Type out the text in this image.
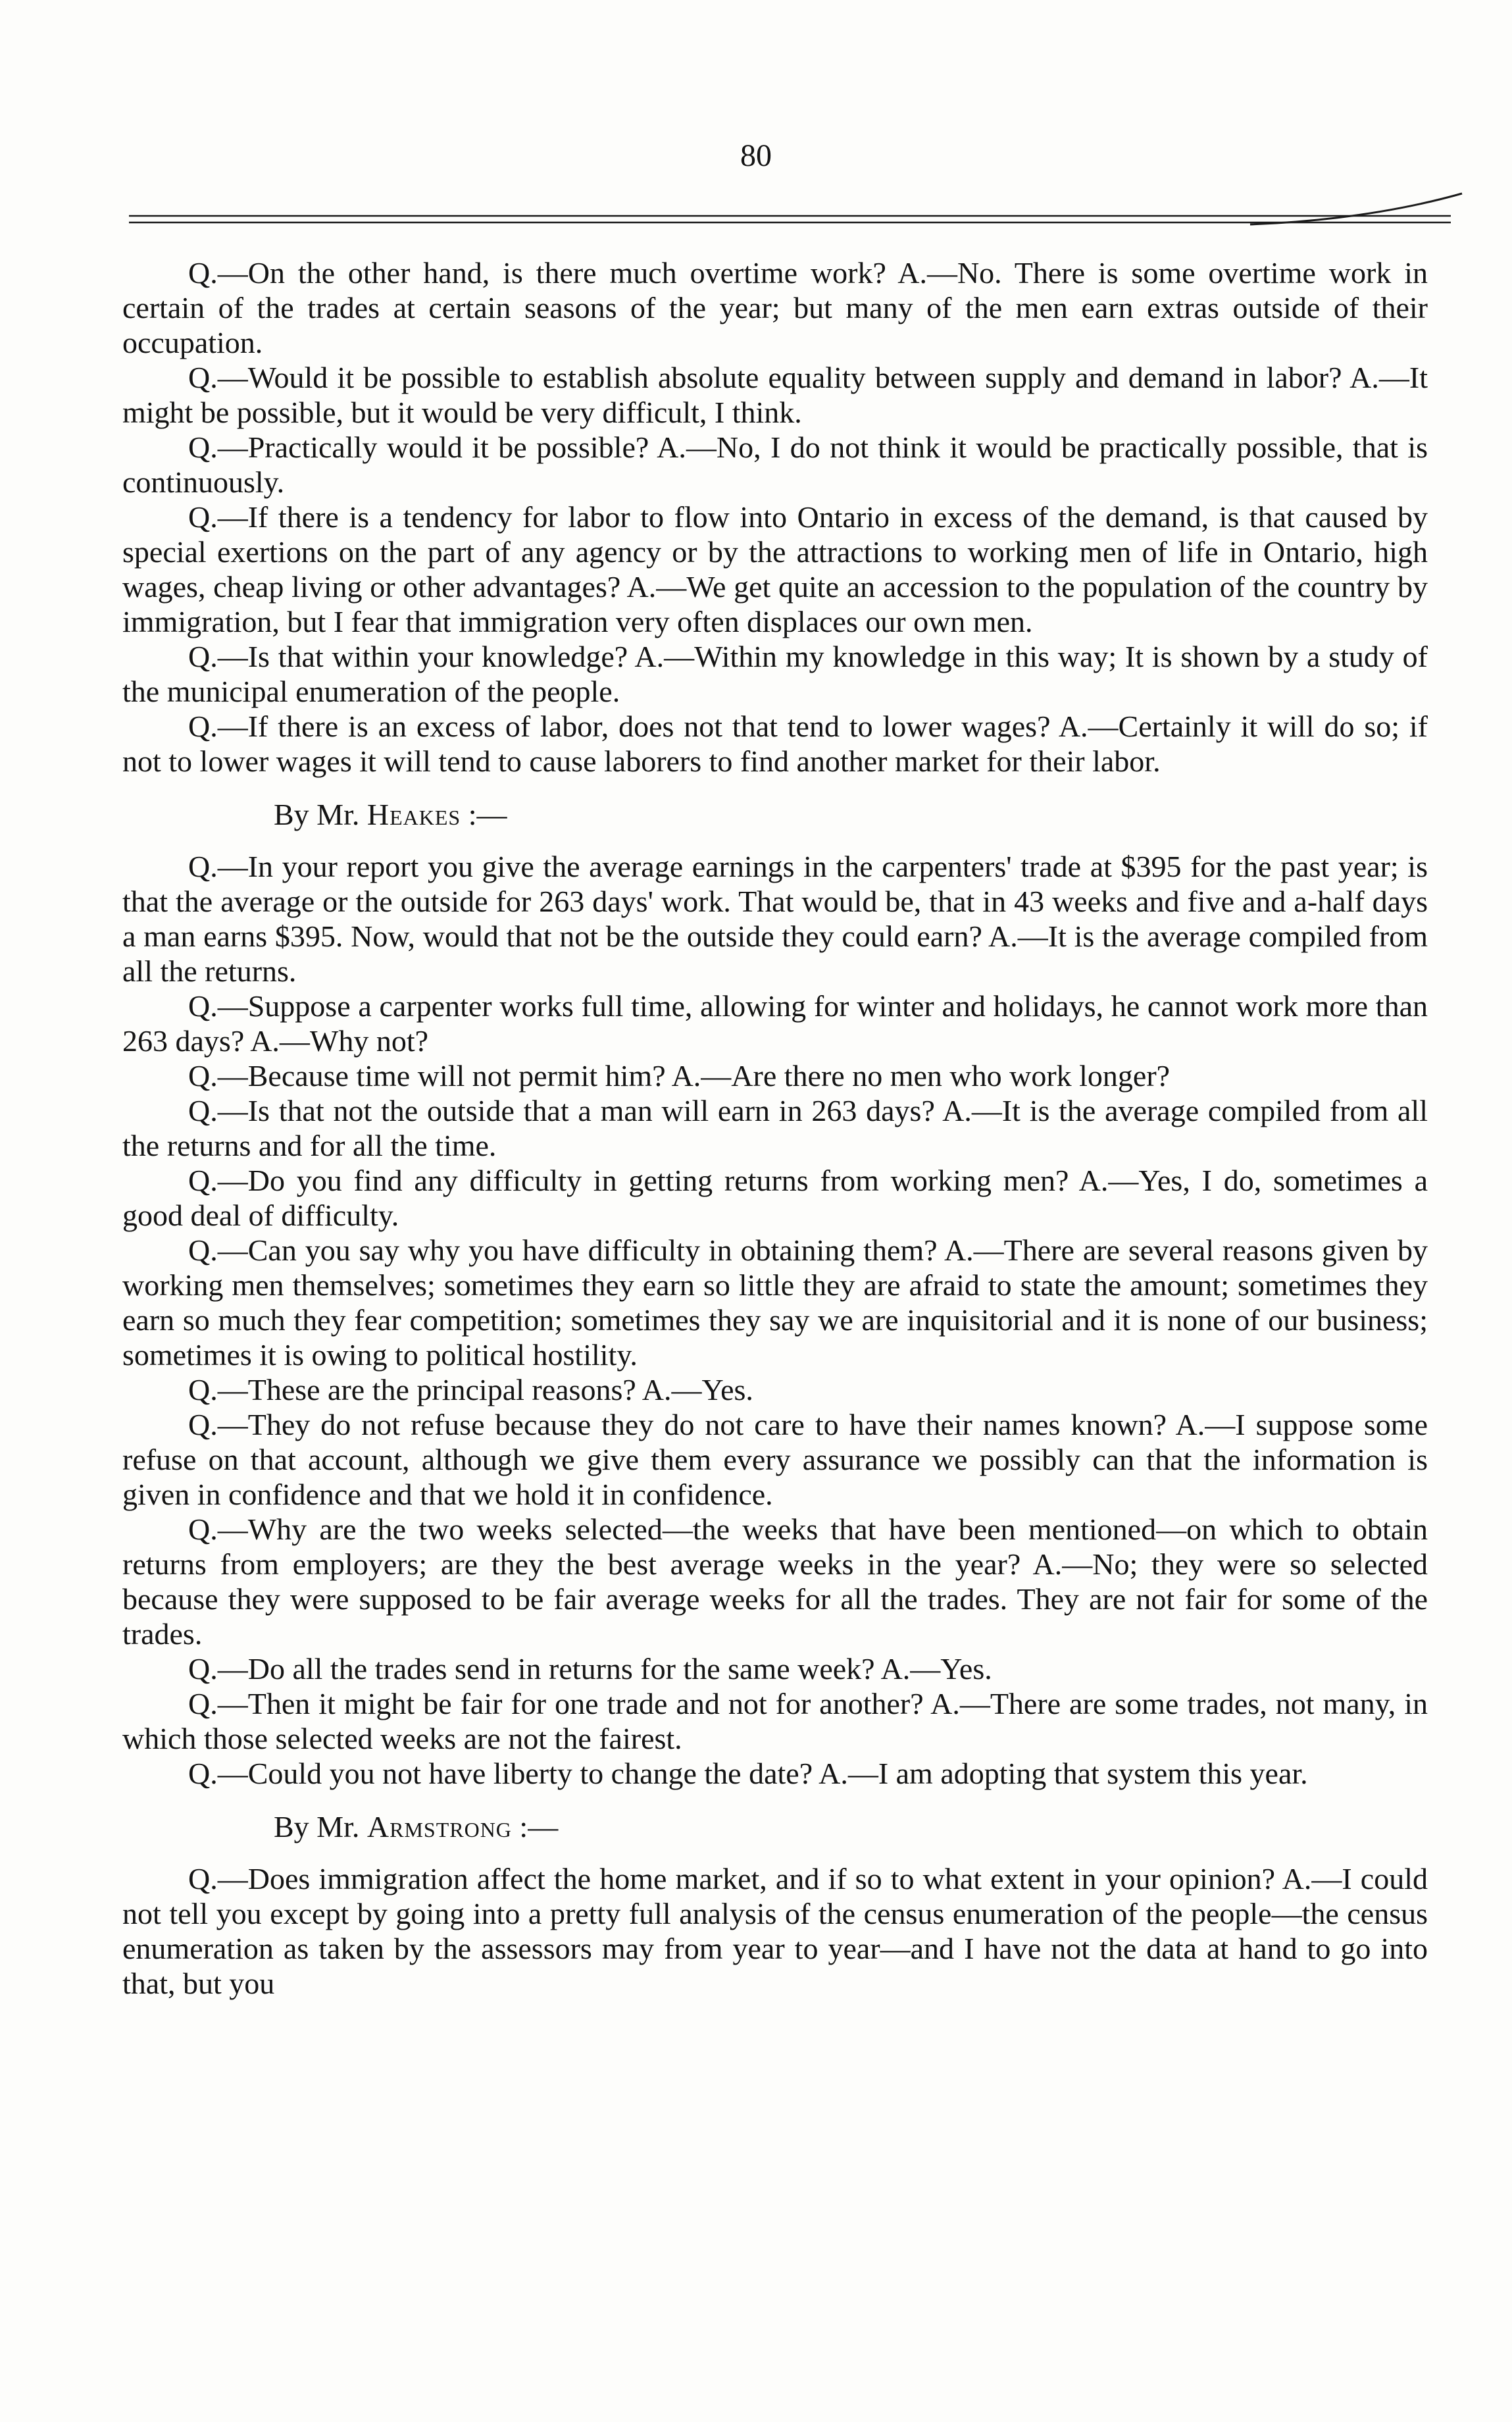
80

Q.—On the other hand, is there much overtime work? A.—No. There is some overtime work in certain of the trades at certain seasons of the year; but many of the men earn extras outside of their occupation.

Q.—Would it be possible to establish absolute equality between supply and demand in labor? A.—It might be possible, but it would be very difficult, I think.

Q.—Practically would it be possible? A.—No, I do not think it would be practically possible, that is continuously.

Q.—If there is a tendency for labor to flow into Ontario in excess of the demand, is that caused by special exertions on the part of any agency or by the attractions to working men of life in Ontario, high wages, cheap living or other advantages? A.—We get quite an accession to the population of the country by immigration, but I fear that immigration very often displaces our own men.

Q.—Is that within your knowledge? A.—Within my knowledge in this way; It is shown by a study of the municipal enumeration of the people.

Q.—If there is an excess of labor, does not that tend to lower wages? A.—Certainly it will do so; if not to lower wages it will tend to cause laborers to find another market for their labor.

By Mr. Heakes :—

Q.—In your report you give the average earnings in the carpenters' trade at $395 for the past year; is that the average or the outside for 263 days' work. That would be, that in 43 weeks and five and a-half days a man earns $395. Now, would that not be the outside they could earn? A.—It is the average compiled from all the returns.

Q.—Suppose a carpenter works full time, allowing for winter and holidays, he cannot work more than 263 days? A.—Why not?

Q.—Because time will not permit him? A.—Are there no men who work longer?

Q.—Is that not the outside that a man will earn in 263 days? A.—It is the average compiled from all the returns and for all the time.

Q.—Do you find any difficulty in getting returns from working men? A.—Yes, I do, sometimes a good deal of difficulty.

Q.—Can you say why you have difficulty in obtaining them? A.—There are several reasons given by working men themselves; sometimes they earn so little they are afraid to state the amount; sometimes they earn so much they fear competition; sometimes they say we are inquisitorial and it is none of our business; sometimes it is owing to political hostility.

Q.—These are the principal reasons? A.—Yes.

Q.—They do not refuse because they do not care to have their names known? A.—I suppose some refuse on that account, although we give them every assurance we possibly can that the information is given in confidence and that we hold it in confidence.

Q.—Why are the two weeks selected—the weeks that have been mentioned—on which to obtain returns from employers; are they the best average weeks in the year? A.—No; they were so selected because they were supposed to be fair average weeks for all the trades. They are not fair for some of the trades.

Q.—Do all the trades send in returns for the same week? A.—Yes.

Q.—Then it might be fair for one trade and not for another? A.—There are some trades, not many, in which those selected weeks are not the fairest.

Q.—Could you not have liberty to change the date? A.—I am adopting that system this year.

By Mr. Armstrong :—

Q.—Does immigration affect the home market, and if so to what extent in your opinion? A.—I could not tell you except by going into a pretty full analysis of the census enumeration of the people—the census enumeration as taken by the assessors may from year to year—and I have not the data at hand to go into that, but you
